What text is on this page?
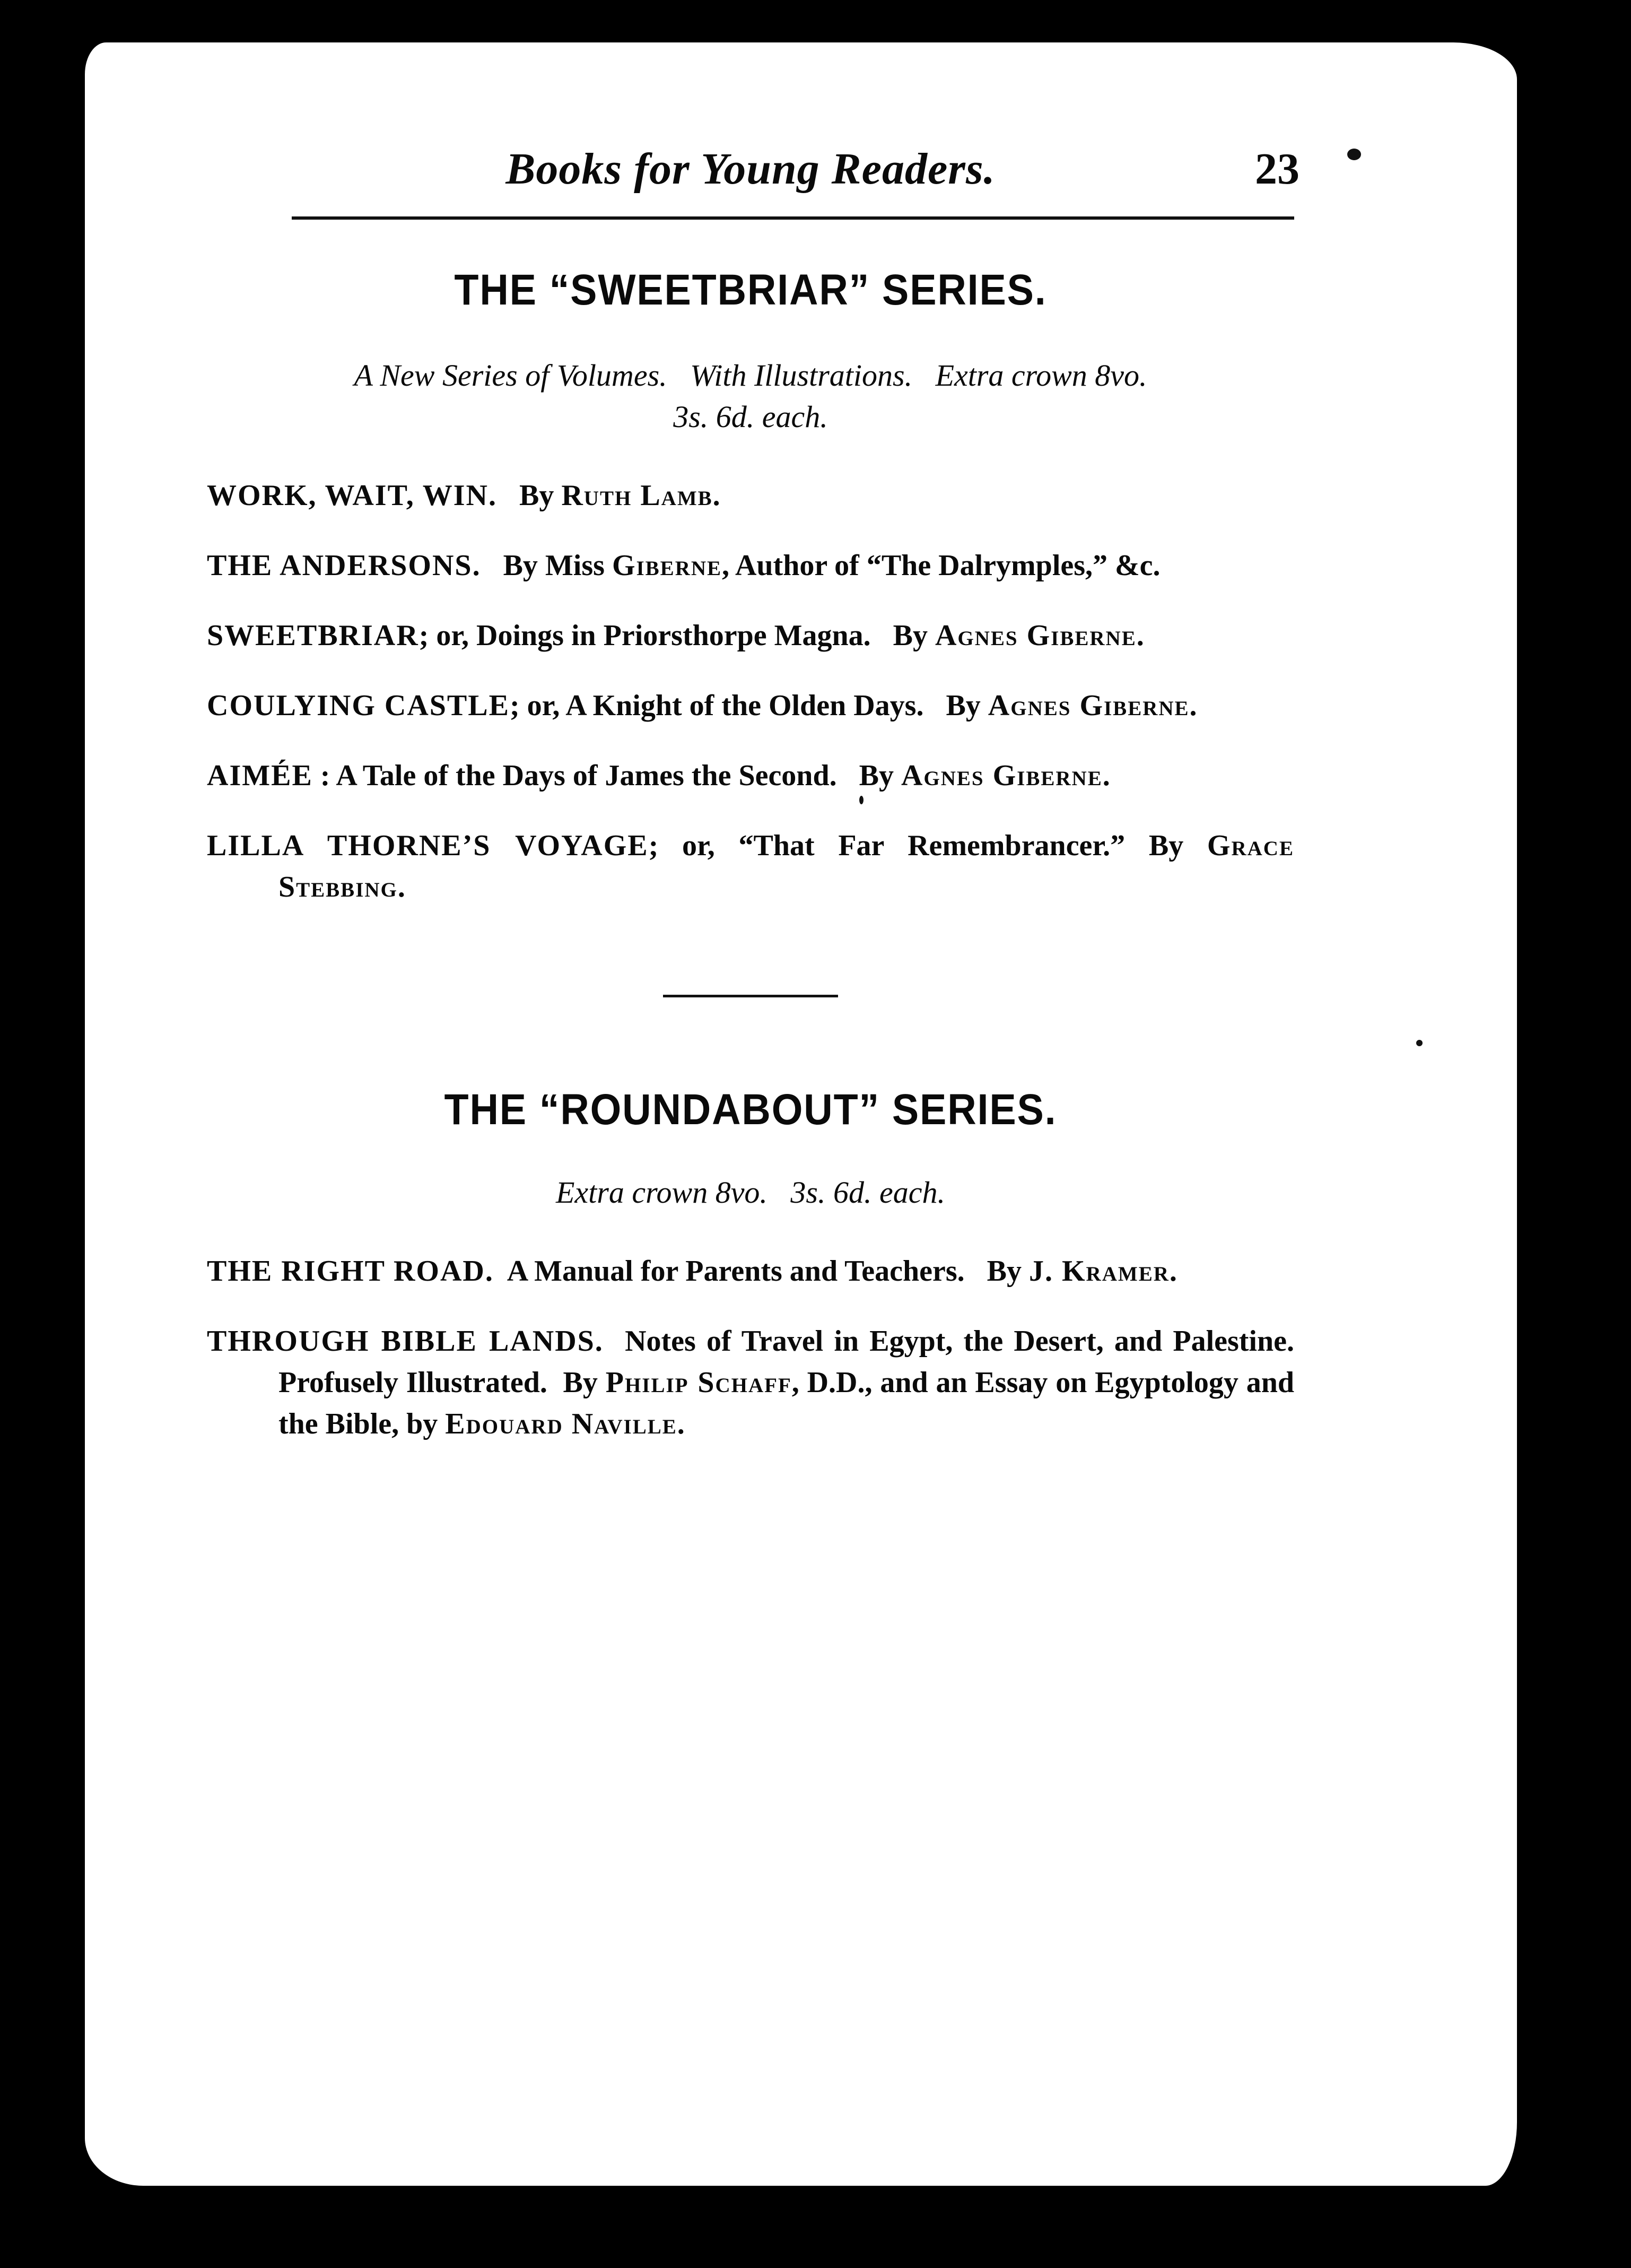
Books for Young Readers.	23
THE “SWEETBRIAR” SERIES.
A New Series of Volumes.   With Illustrations.   Extra crown 8vo.
3s. 6d. each.
WORK, WAIT, WIN. By Ruth Lamb.
THE ANDERSONS. By Miss Giberne, Author of “The Dalrymples,” &c.
SWEETBRIAR; or, Doings in Priorsthorpe Magna.   By Agnes Giberne.
COULYING CASTLE; or, A Knight of the Olden Days.   By Agnes Giberne.
AIMÉE : A Tale of the Days of James the Second.   By Agnes Giberne.
LILLA THORNE’S VOYAGE; or, “That Far Remembrancer.” By Grace Stebbing.
THE “ROUNDABOUT” SERIES.
Extra crown 8vo.   3s. 6d. each.
THE RIGHT ROAD.  A Manual for Parents and Teachers.   By J. Kramer.
THROUGH BIBLE LANDS.  Notes of Travel in Egypt, the Desert, and Palestine.  Profusely Illustrated.  By Philip Schaff, D.D., and an Essay on Egyptology and the Bible, by Edouard Naville.
